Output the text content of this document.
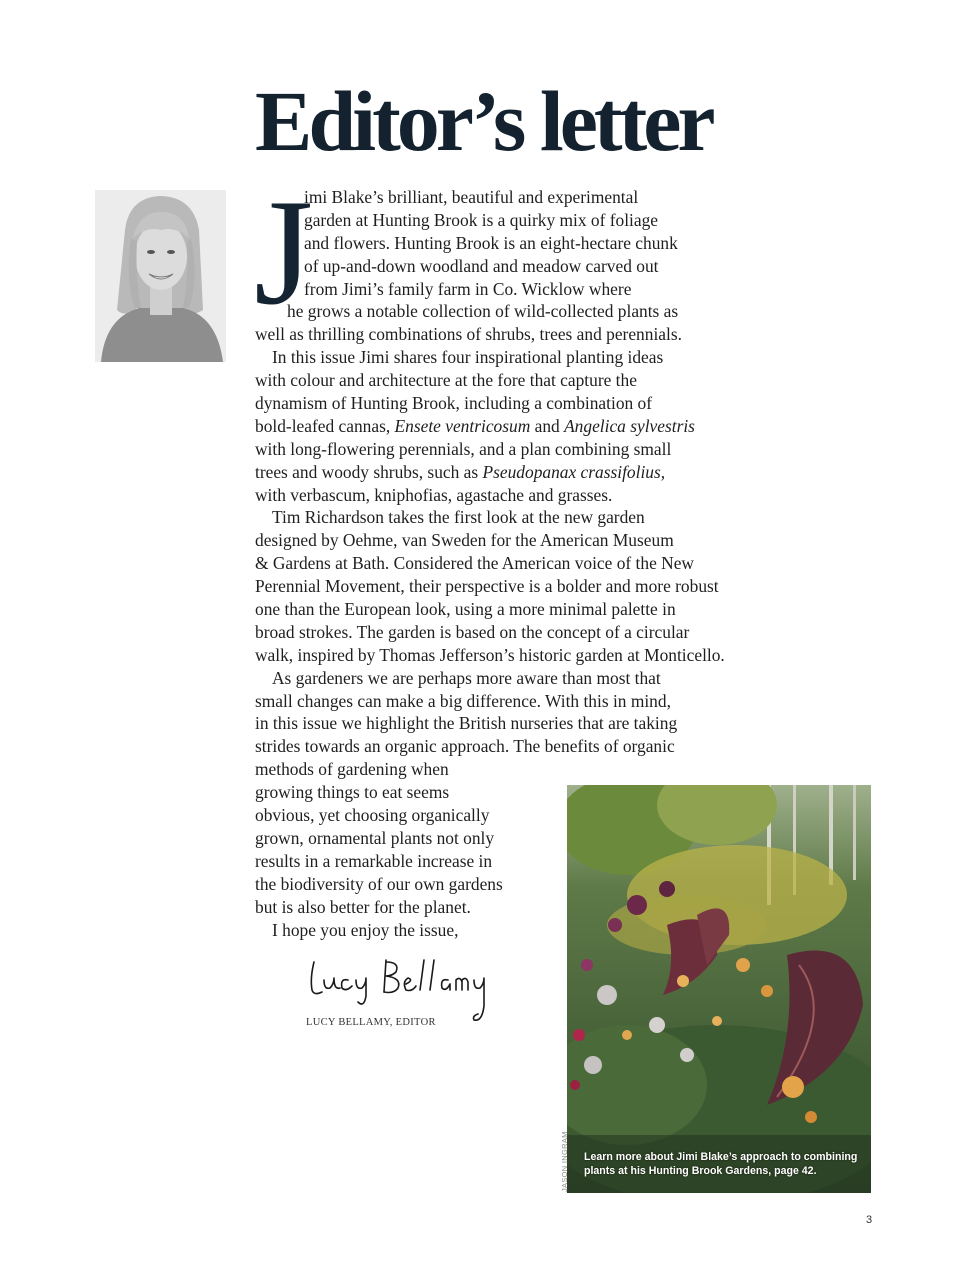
Editor’s letter
J
imi Blake’s brilliant, beautiful and experimental
garden at Hunting Brook is a quirky mix of foliage
and flowers. Hunting Brook is an eight-hectare chunk
of up-and-down woodland and meadow carved out
from Jimi’s family farm in Co. Wicklow where
he grows a notable collection of wild-collected plants as
well as thrilling combinations of shrubs, trees and perennials.
In this issue Jimi shares four inspirational planting ideas
with colour and architecture at the fore that capture the
dynamism of Hunting Brook, including a combination of
bold-leafed cannas, Ensete ventricosum and Angelica sylvestris
with long-flowering perennials, and a plan combining small
trees and woody shrubs, such as Pseudopanax crassifolius,
with verbascum, kniphofias, agastache and grasses.
Tim Richardson takes the first look at the new garden
designed by Oehme, van Sweden for the American Museum
& Gardens at Bath. Considered the American voice of the New
Perennial Movement, their perspective is a bolder and more robust
one than the European look, using a more minimal palette in
broad strokes. The garden is based on the concept of a circular
walk, inspired by Thomas Jefferson’s historic garden at Monticello.
As gardeners we are perhaps more aware than most that
small changes can make a big difference. With this in mind,
in this issue we highlight the British nurseries that are taking
strides towards an organic approach. The benefits of organic
methods of gardening when
growing things to eat seems
obvious, yet choosing organically
grown, ornamental plants not only
results in a remarkable increase in
the biodiversity of our own gardens
but is also better for the planet.
I hope you enjoy the issue,
LUCY BELLAMY, EDITOR
Learn more about Jimi Blake’s approach to combining plants at his Hunting Brook Gardens, page 42.
JASON INGRAM
3
